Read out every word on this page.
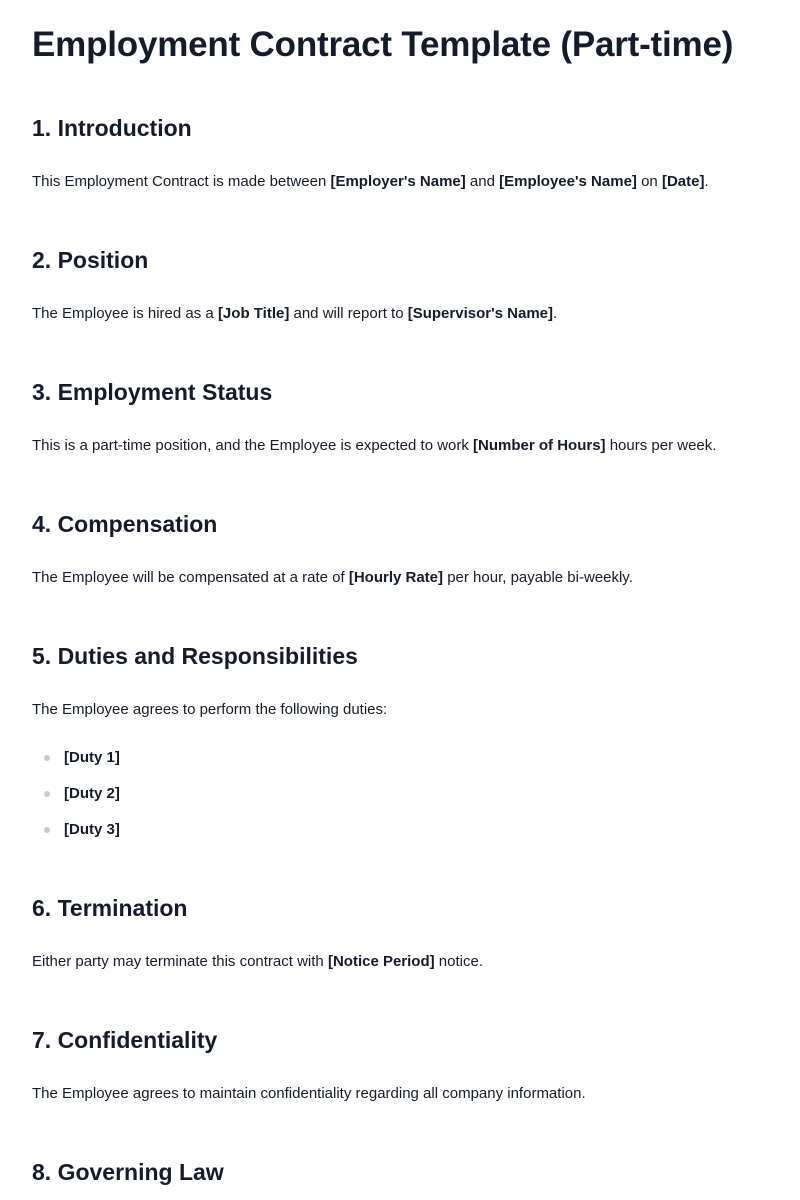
Employment Contract Template (Part-time)
1. Introduction

This Employment Contract is made between [Employer's Name] and [Employee's Name] on [Date].

2. Position

The Employee is hired as a [Job Title] and will report to [Supervisor's Name].

3. Employment Status

This is a part-time position, and the Employee is expected to work [Number of Hours] hours per week.

4. Compensation

The Employee will be compensated at a rate of [Hourly Rate] per hour, payable bi-weekly.

5. Duties and Responsibilities

The Employee agrees to perform the following duties:

[Duty 1]
[Duty 2]
[Duty 3]
6. Termination

Either party may terminate this contract with [Notice Period] notice.

7. Confidentiality

The Employee agrees to maintain confidentiality regarding all company information.

8. Governing Law
